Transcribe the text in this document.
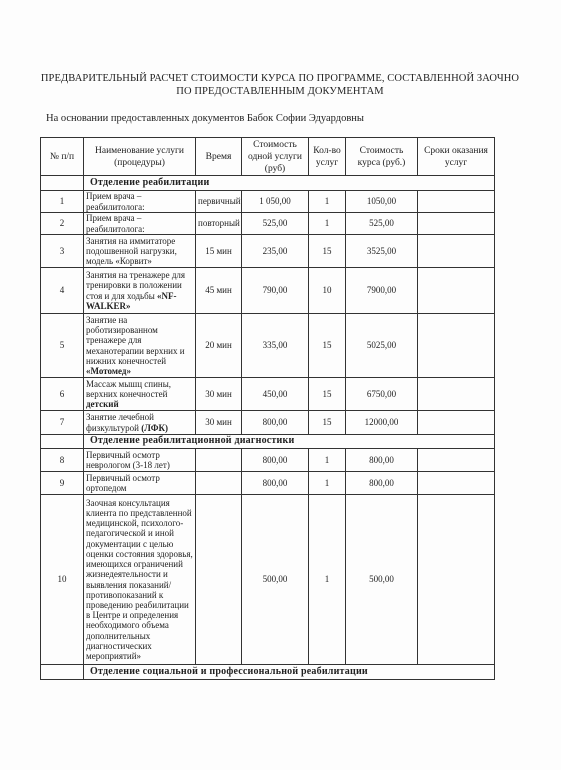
ПРЕДВАРИТЕЛЬНЫЙ РАСЧЕТ СТОИМОСТИ КУРСА ПО ПРОГРАММЕ, СОСТАВЛЕННОЙ ЗАОЧНО
ПО ПРЕДОСТАВЛЕННЫМ ДОКУМЕНТАМ
На основании предоставленных документов Бабок Софии Эдуардовны
№ п/п	Наименование услуги (процедуры)	Время	Стоимость одной услуги (руб)	Кол-во услуг	Стоимость курса (руб.)	Сроки оказания услуг
	Отделение реабилитации					
1	Прием врача – реабилитолога:	первичный	1 050,00	1	1050,00	
2	Прием врача – реабилитолога:	повторный	525,00	1	525,00	
3	Занятия на иммитаторе подошвенной нагрузки, модель «Корвит»	15 мин	235,00	15	3525,00	
4	Занятия на тренажере для тренировки в положении стоя и для ходьбы «NF-WALKER»	45 мин	790,00	10	7900,00	
5	Занятие на роботизированном тренажере для механотерапии верхних и нижних конечностей «Мотомед»	20 мин	335,00	15	5025,00	
6	Массаж мышц спины, верхних конечностей детский	30 мин	450,00	15	6750,00	
7	Занятие лечебной физкультурой (ЛФК)	30 мин	800,00	15	12000,00	
	Отделение реабилитационной диагностики					
8	Первичный осмотр неврологом (3-18 лет)		800,00	1	800,00	
9	Первичный осмотр ортопедом		800,00	1	800,00	
10	Заочная консультация клиента по представленной медицинской, психолого-педагогической и иной документации с целью оценки состояния здоровья, имеющихся ограничений жизнедеятельности и выявления показаний/противопоказаний к проведению реабилитации в Центре и определения необходимого объема дополнительных диагностических мероприятий»		500,00	1	500,00	
	Отделение социальной и профессиональной реабилитации					
